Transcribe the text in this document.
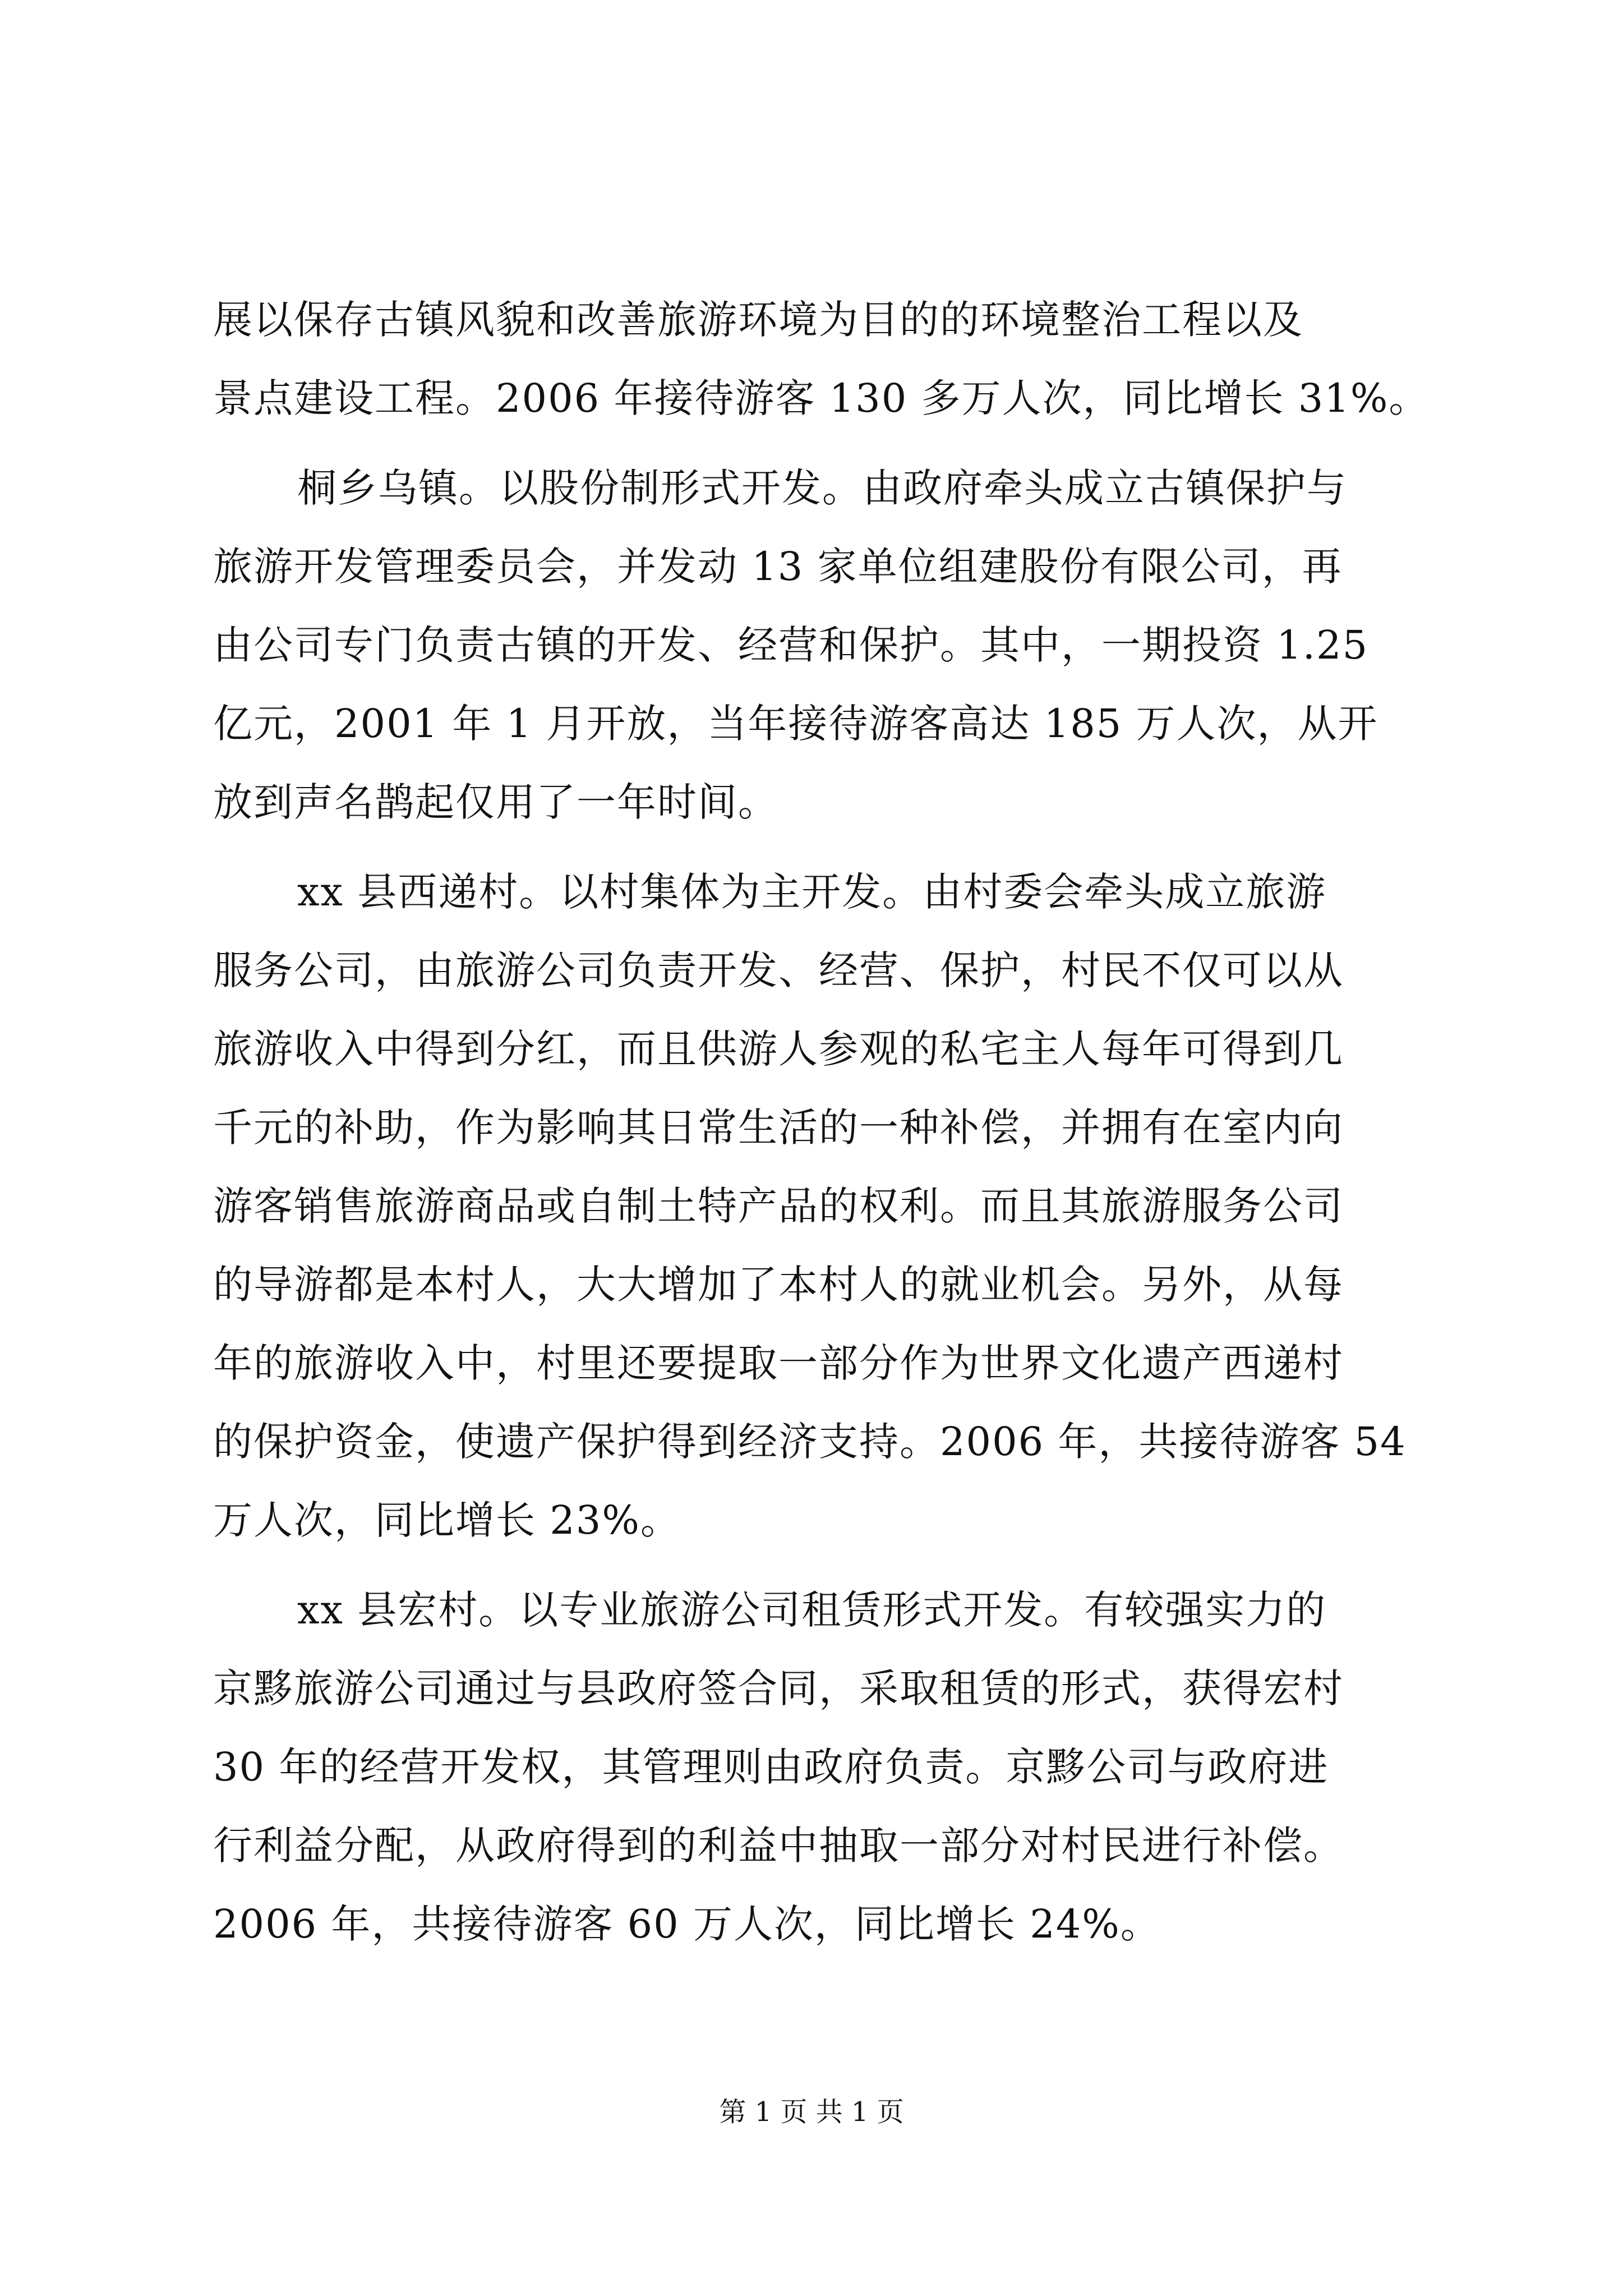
展以保存古镇风貌和改善旅游环境为目的的环境整治工程以及
景点建设工程。2006 年接待游客 130 多万人次，同比增长 31%。
桐乡乌镇。以股份制形式开发。由政府牵头成立古镇保护与
旅游开发管理委员会，并发动 13 家单位组建股份有限公司，再
由公司专门负责古镇的开发、经营和保护。其中，一期投资 1.25
亿元，2001 年 1 月开放，当年接待游客高达 185 万人次，从开
放到声名鹊起仅用了一年时间。
xx 县西递村。以村集体为主开发。由村委会牵头成立旅游
服务公司，由旅游公司负责开发、经营、保护，村民不仅可以从
旅游收入中得到分红，而且供游人参观的私宅主人每年可得到几
千元的补助，作为影响其日常生活的一种补偿，并拥有在室内向
游客销售旅游商品或自制土特产品的权利。而且其旅游服务公司
的导游都是本村人，大大增加了本村人的就业机会。另外，从每
年的旅游收入中，村里还要提取一部分作为世界文化遗产西递村
的保护资金，使遗产保护得到经济支持。2006 年，共接待游客 54
万人次，同比增长 23%。
xx 县宏村。以专业旅游公司租赁形式开发。有较强实力的
京黟旅游公司通过与县政府签合同，采取租赁的形式，获得宏村
30 年的经营开发权，其管理则由政府负责。京黟公司与政府进
行利益分配，从政府得到的利益中抽取一部分对村民进行补偿。
2006 年，共接待游客 60 万人次，同比增长 24%。
第 1 页 共 1 页
